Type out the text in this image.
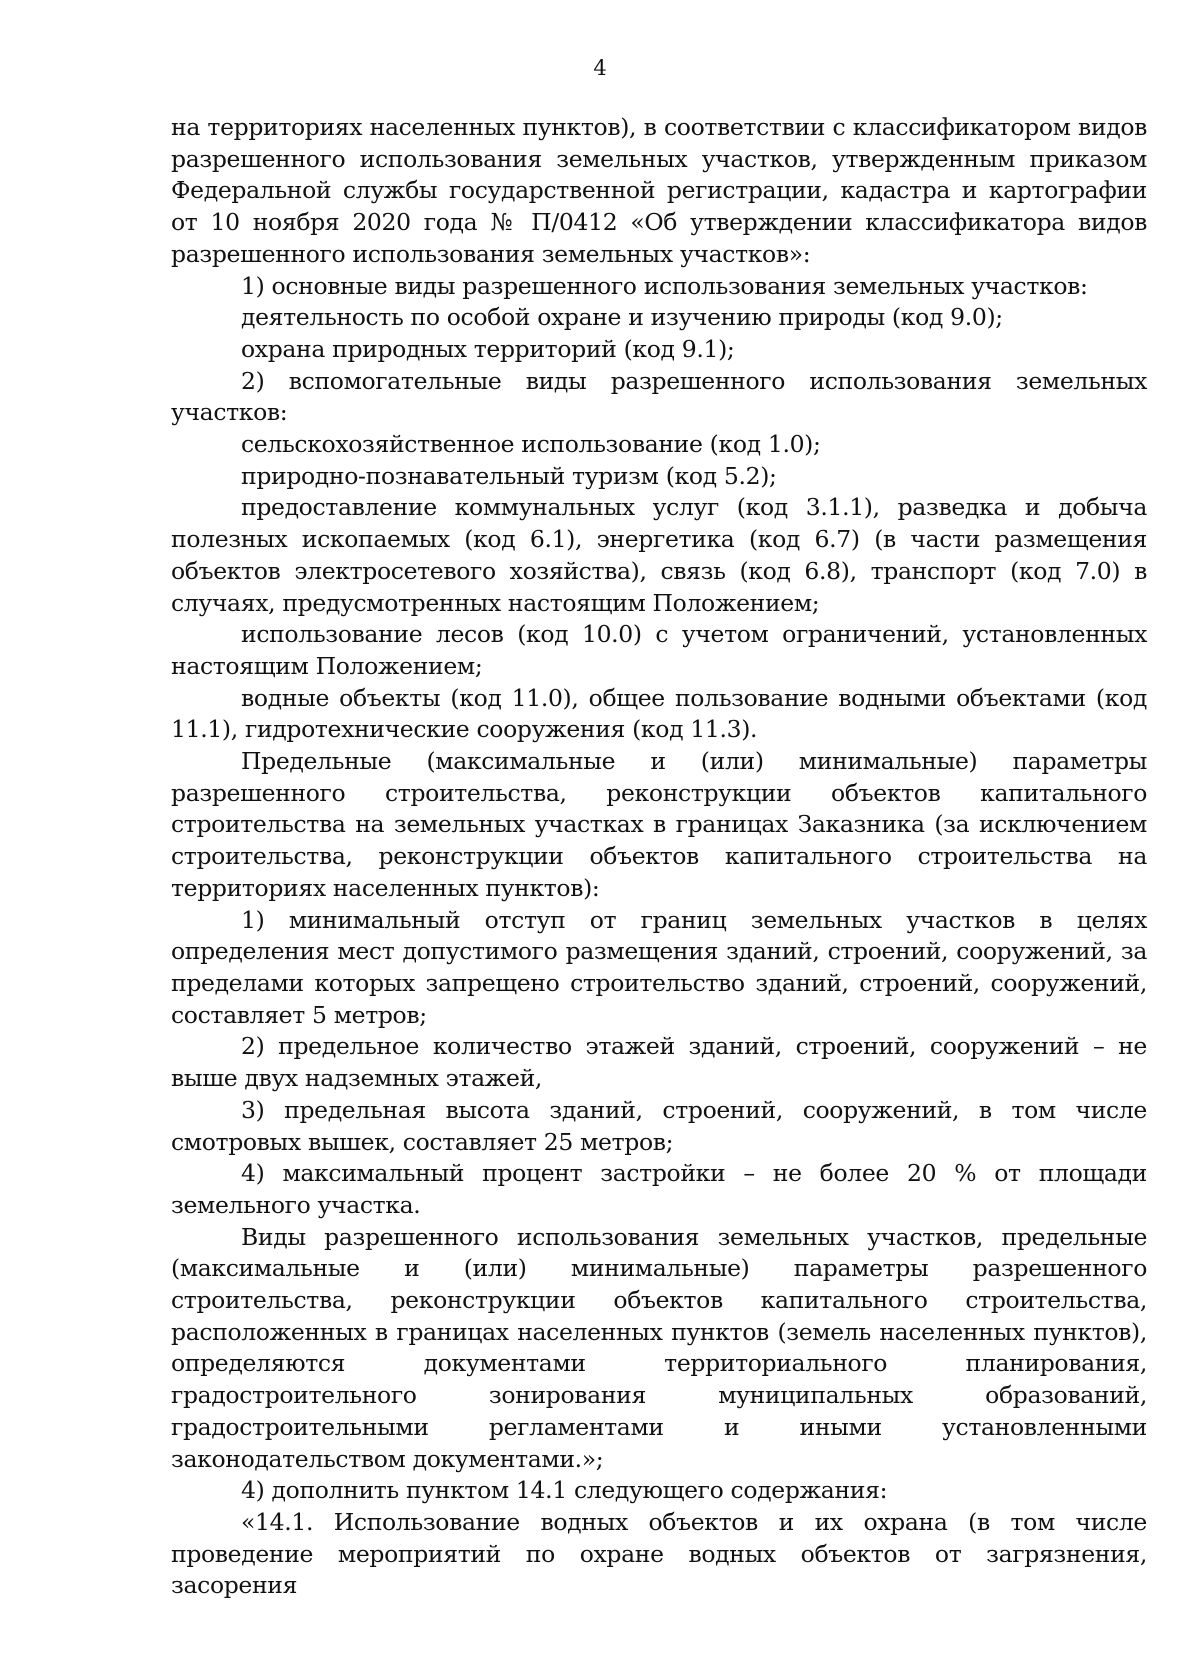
4

на территориях населенных пунктов), в соответствии с классификатором видов разрешенного использования земельных участков, утвержденным приказом Федеральной службы государственной регистрации, кадастра и картографии от 10 ноября 2020 года № П/0412 «Об утверждении классификатора видов разрешенного использования земельных участков»:

1) основные виды разрешенного использования земельных участков:

деятельность по особой охране и изучению природы (код 9.0);

охрана природных территорий (код 9.1);

2) вспомогательные виды разрешенного использования земельных участков:

сельскохозяйственное использование (код 1.0);

природно-познавательный туризм (код 5.2);

предоставление коммунальных услуг (код 3.1.1), разведка и добыча полезных ископаемых (код 6.1), энергетика (код 6.7) (в части размещения объектов электросетевого хозяйства), связь (код 6.8), транспорт (код 7.0) в случаях, предусмотренных настоящим Положением;

использование лесов (код 10.0) с учетом ограничений, установленных настоящим Положением;

водные объекты (код 11.0), общее пользование водными объектами (код 11.1), гидротехнические сооружения (код 11.3).

Предельные (максимальные и (или) минимальные) параметры разрешенного строительства, реконструкции объектов капитального строительства на земельных участках в границах Заказника (за исключением строительства, реконструкции объектов капитального строительства на территориях населенных пунктов):

1) минимальный отступ от границ земельных участков в целях определения мест допустимого размещения зданий, строений, сооружений, за пределами которых запрещено строительство зданий, строений, сооружений, составляет 5 метров;

2) предельное количество этажей зданий, строений, сооружений – не выше двух надземных этажей,

3) предельная высота зданий, строений, сооружений, в том числе смотровых вышек, составляет 25 метров;

4) максимальный процент застройки – не более 20 % от площади земельного участка.

Виды разрешенного использования земельных участков, предельные (максимальные и (или) минимальные) параметры разрешенного строительства, реконструкции объектов капитального строительства, расположенных в границах населенных пунктов (земель населенных пунктов), определяются документами территориального планирования, градостроительного зонирования муниципальных образований, градостроительными регламентами и иными установленными законодательством документами.»;

4) дополнить пунктом 14.1 следующего содержания:

«14.1. Использование водных объектов и их охрана (в том числе проведение мероприятий по охране водных объектов от загрязнения, засорения
